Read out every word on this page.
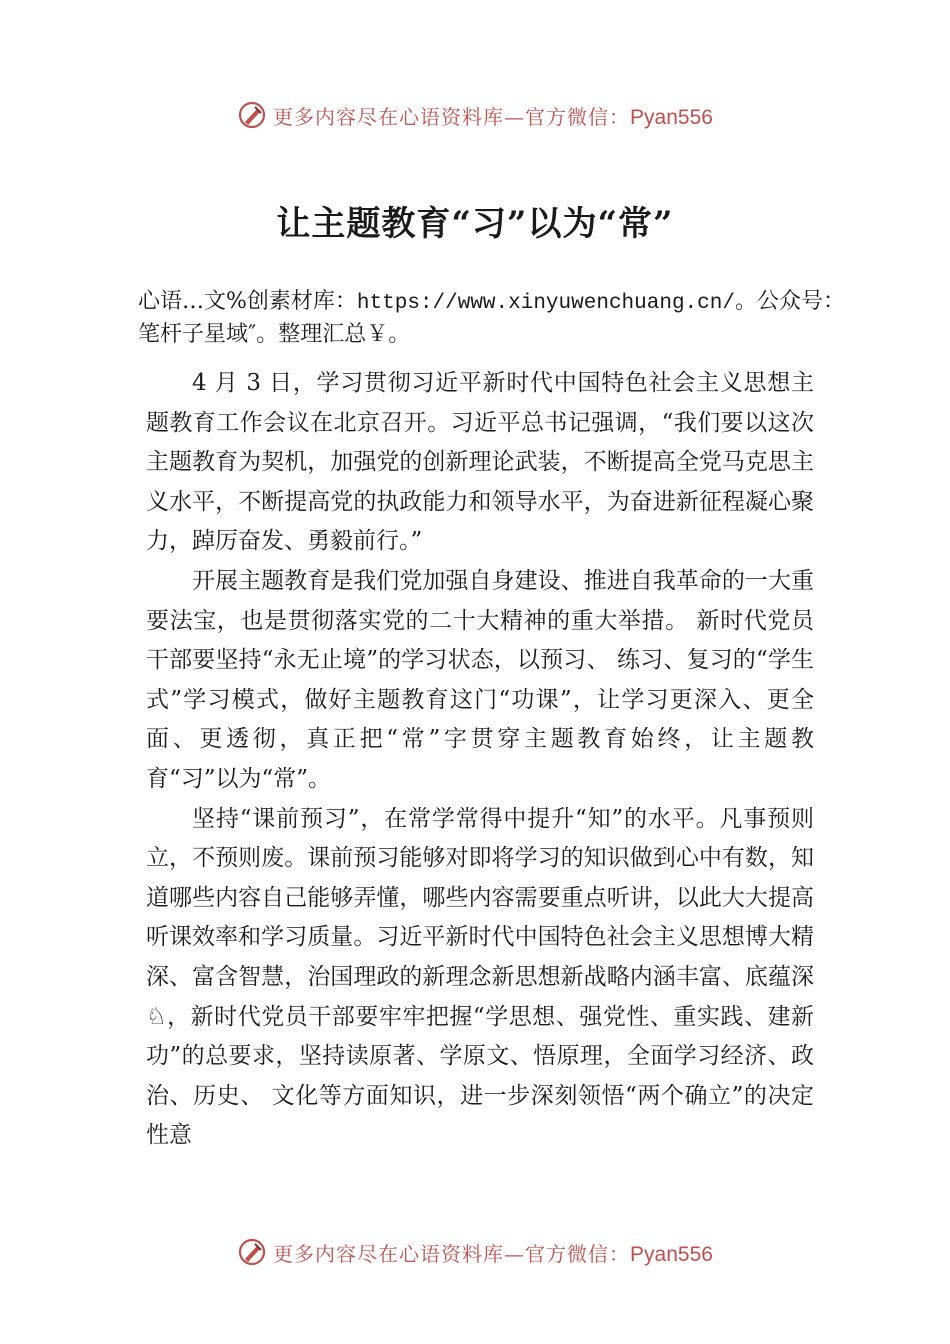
更多内容尽在心语资料库—官方微信：Pyan556
让主题教育“习”以为“常”

心语…文%创素材库：https://www.xinyuwenchuang.cn/。公众号：笔杆子星域″。整理汇总￥。

4 月 3 日，学习贯彻习近平新时代中国特色社会主义思想主题教育工作会议在北京召开。习近平总书记强调，“我们要以这次主题教育为契机，加强党的创新理论武装，不断提高全党马克思主义水平，不断提高党的执政能力和领导水平，为奋进新征程凝心聚力，踔厉奋发、勇毅前行。”

开展主题教育是我们党加强自身建设、推进自我革命的一大重要法宝，也是贯彻落实党的二十大精神的重大举措。 新时代党员干部要坚持“永无止境”的学习状态，以预习、 练习、复习的“学生式”学习模式，做好主题教育这门“功课”，让学习更深入、更全面、更透彻，真正把“常”字贯穿主题教育始终，让主题教育“习”以为“常”。

坚持“课前预习”，在常学常得中提升“知”的水平。凡事预则立，不预则废。课前预习能够对即将学习的知识做到心中有数，知道哪些内容自己能够弄懂，哪些内容需要重点听讲，以此大大提高听课效率和学习质量。习近平新时代中国特色社会主义思想博大精深、富含智慧，治国理政的新理念新思想新战略内涵丰富、底蕴深♘，新时代党员干部要牢牢把握“学思想、强党性、重实践、建新功”的总要求，坚持读原著、学原文、悟原理，全面学习经济、政治、历史、 文化等方面知识，进一步深刻领悟“两个确立”的决定性意

更多内容尽在心语资料库—官方微信：Pyan556
